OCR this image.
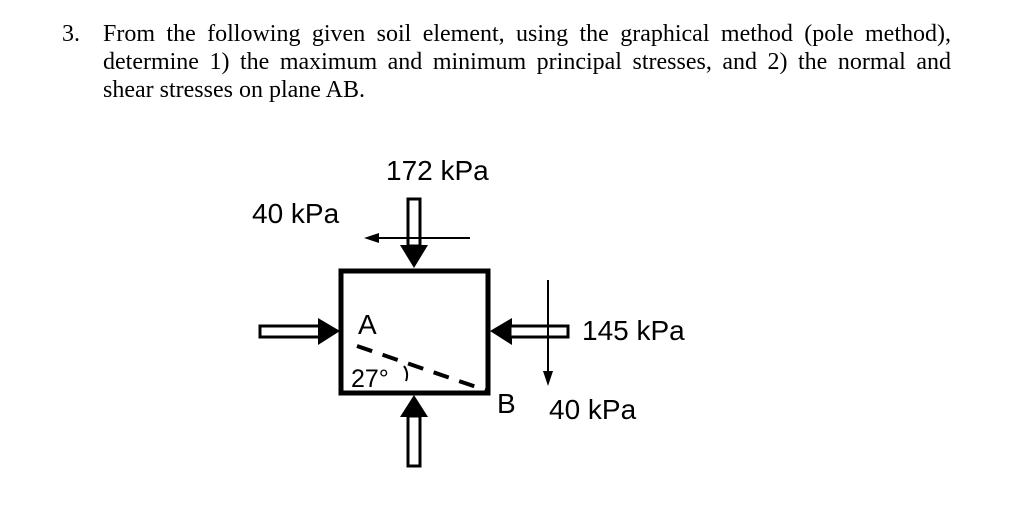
3. From the following given soil element, using the graphical method (pole method),
determine 1) the maximum and minimum principal stresses, and 2) the normal and
shear stresses on plane AB.
172 kPa
40 kPa
145 kPa
40 kPa
A
B
27°
